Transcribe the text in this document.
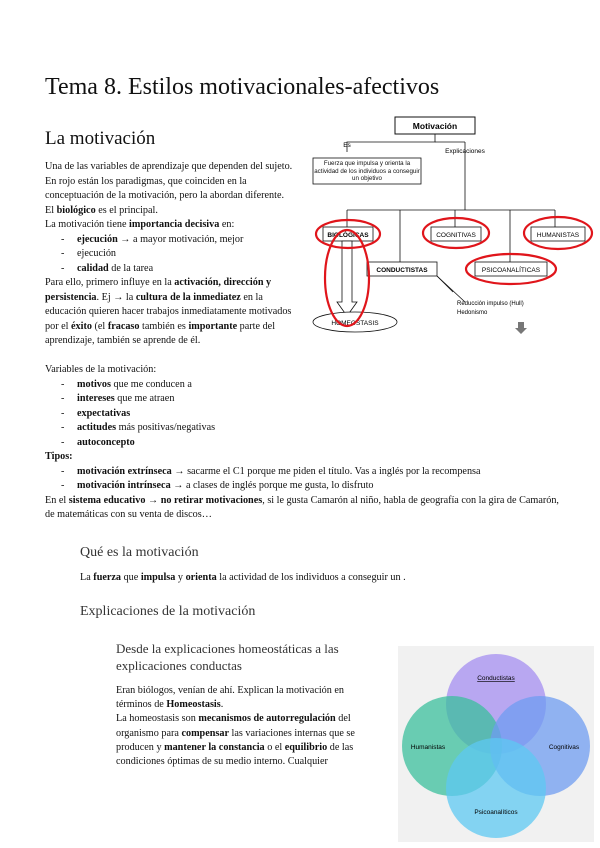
Tema 8. Estilos motivacionales-afectivos
La motivación

Una de las variables de aprendizaje que dependen del sujeto. En rojo están los paradigmas, que coinciden en la conceptuación de la motivación, pero la abordan diferente.

El biológico es el principal.

La motivación tiene importancia decisiva en:

- ejecución → a mayor motivación, mejor
- ejecución
- calidad de la tarea

Para ello, primero influye en la activación, dirección y persistencia. Ej → la cultura de la inmediatez en la educación quieren hacer trabajos inmediatamente motivados por el éxito (el fracaso también es importante parte del aprendizaje, también se aprende de él.

Variables de la motivación:

- motivos que me conducen a
- intereses que me atraen
- expectativas
- actitudes más positivas/negativas
- autoconcepto

Tipos:

- motivación extrínseca → sacarme el C1 porque me piden el título. Vas a inglés por la recompensa
- motivación intrínseca → a clases de inglés porque me gusta, lo disfruto

En el sistema educativo → no retirar motivaciones, si le gusta Camarón al niño, habla de geografía con la gira de Camarón, de matemáticas con su venta de discos…

Qué es la motivación
La fuerza que impulsa y orienta la actividad de los individuos a conseguir un .
Explicaciones de la motivación
Desde la explicaciones homeostáticas a las explicaciones conductas

Eran biólogos, venían de ahí. Explican la motivación en términos de Homeostasis.

La homeostasis son mecanismos de autorregulación del organismo para compensar las variaciones internas que se producen y mantener la constancia o el equilibrio de las condiciones óptimas de su medio interno. Cualquier

Motivación
Es
Explicaciones
Fuerza que impulsa y orienta la actividad de los individuos a conseguir un objetivo
BIOLÓGICAS	COGNITIVAS	HUMANISTAS
CONDUCTISTAS	PSICOANALÍTICAS
HOMEOSTASIS
Reducción impulso (Hull)
Hedonismo
Conductistas
Humanistas	Cognitivas
Psicoanalíticos
